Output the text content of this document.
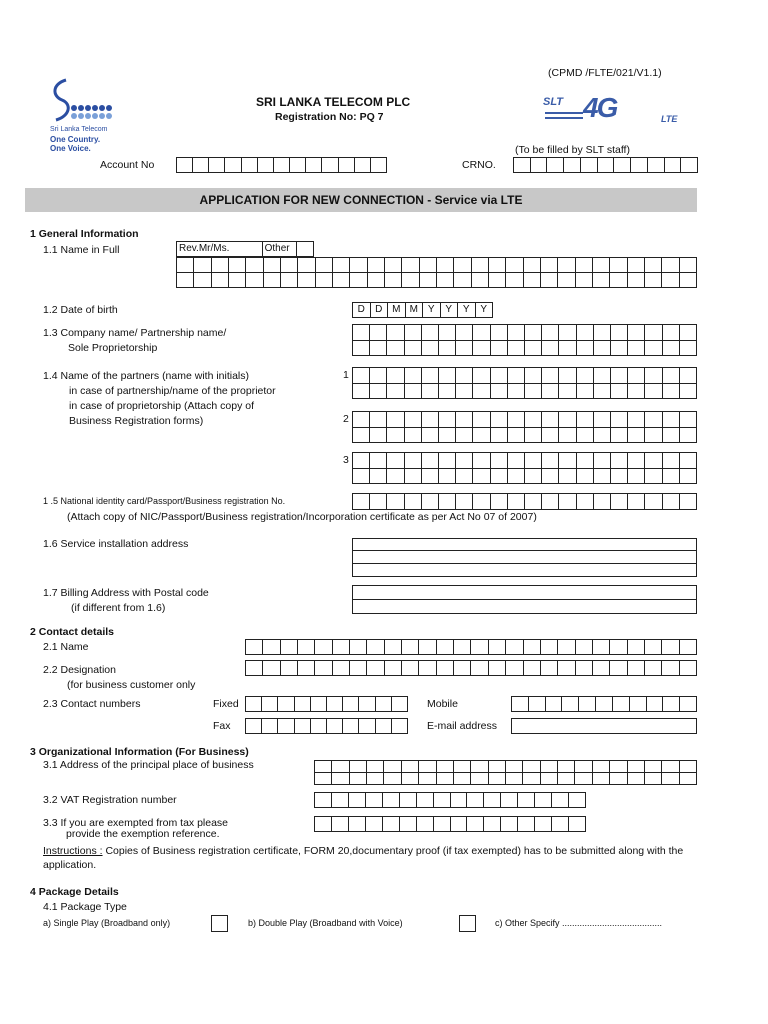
(CPMD /FLTE/021/V1.1)
Sri Lanka Telecom
One Country.
One Voice.
SRI LANKA TELECOM PLC
Registration No: PQ 7
SLT 4G	LTE
(To be filled by SLT staff)
Account No	CRNO.
APPLICATION FOR NEW CONNECTION - Service via LTE
1 General Information
1.1 Name in Full	Rev.Mr/Ms.	Other
1.2 Date of birth	D	D M M Y	Y	Y	Y
1.3 Company name/ Partnership name/
Sole Proprietorship
1.4 Name of the partners (name with initials)
in case of partnership/name of the proprietor
in case of proprietorship (Attach copy of
Business Registration forms)
1
2
3
1 .5 National identity card/Passport/Business registration No.
(Attach copy of NIC/Passport/Business registration/Incorporation certificate as per Act No 07 of 2007)
1.6 Service installation address
1.7 Billing Address with Postal code
(if different from 1.6)
2 Contact details
2.1 Name
2.2 Designation
(for business customer only
2.3 Contact numbers	Fixed	Mobile
Fax	E-mail address
3 Organizational Information (For Business)
3.1 Address of the principal place of business
3.2 VAT Registration number
3.3 If you are exempted from tax please
provide the exemption reference.
Instructions : Copies of Business registration certificate, FORM 20,documentary proof (if tax exempted) has to be submitted along with the
application.
4 Package Details
4.1 Package Type
a) Single Play (Broadband only)	b) Double Play (Broadband with Voice)	c) Other Specify ........................................
